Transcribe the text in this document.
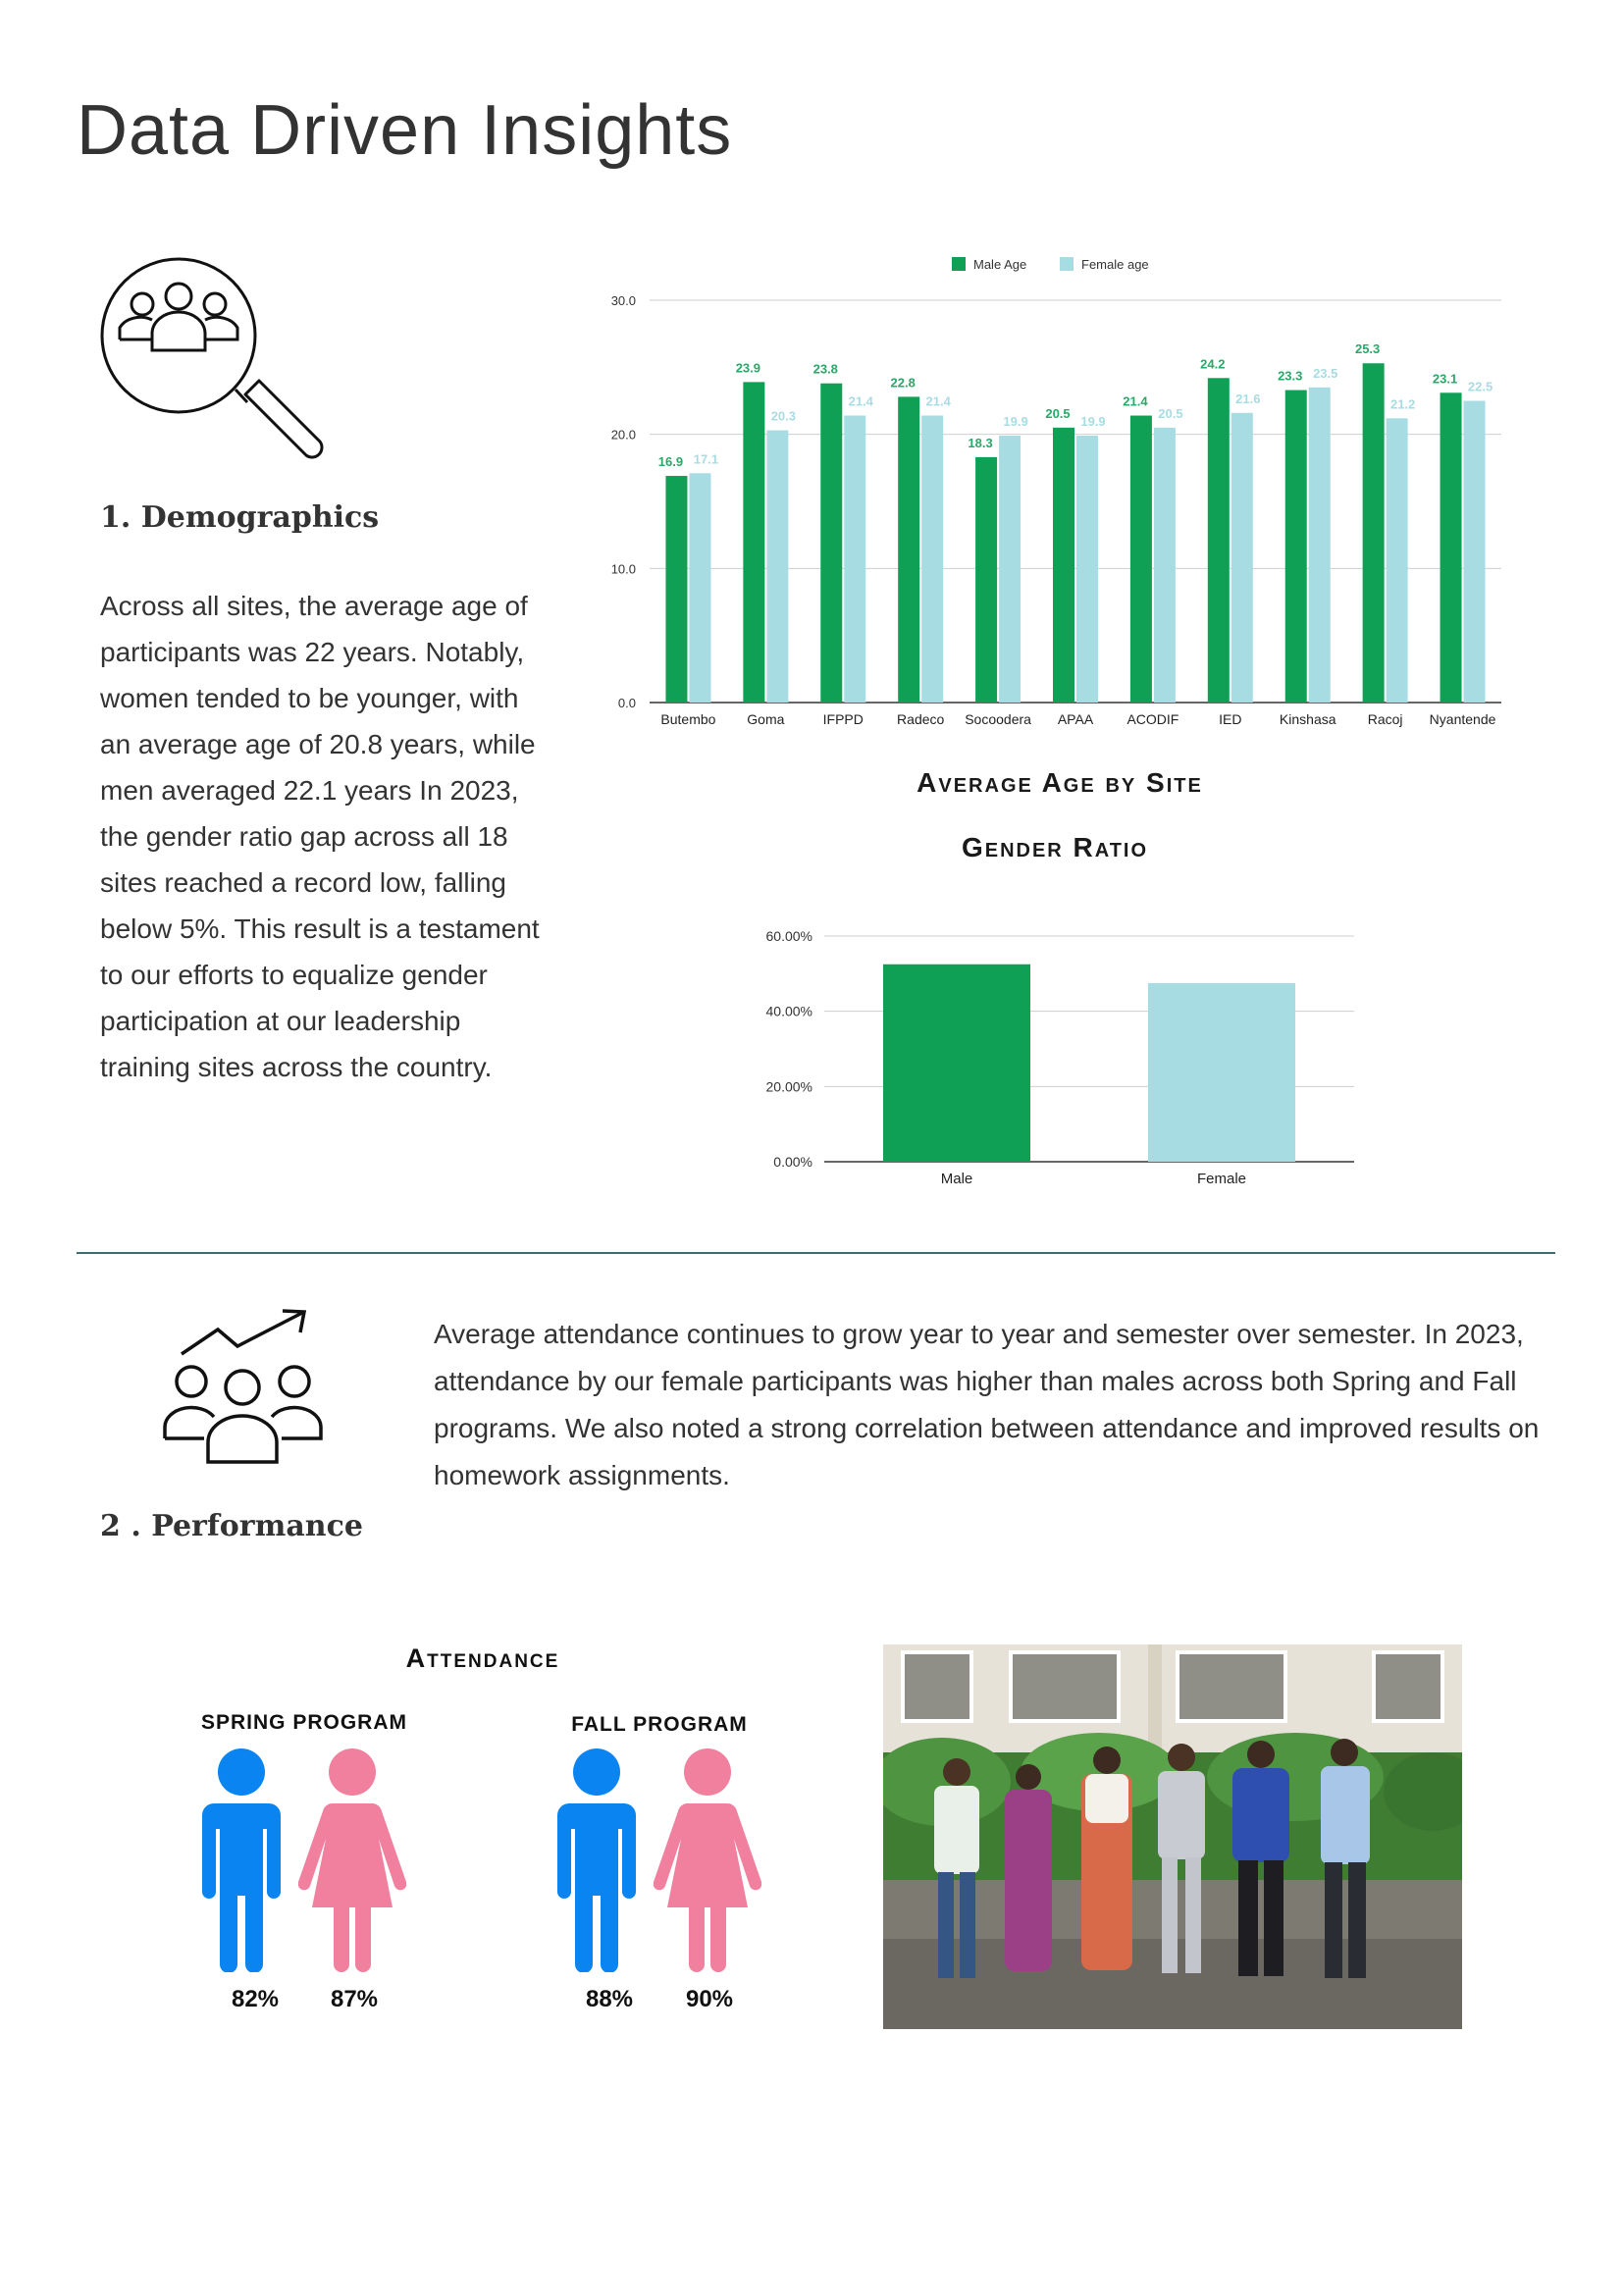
Data Driven Insights
1. Demographics
Across all sites, the average age of participants was 22 years. Notably, women tended to be younger, with an average age of 20.8 years, while men averaged 22.1 years In 2023, the gender ratio gap across all 18 sites reached a record low, falling below 5%. This result is a testament to our efforts to equalize gender participation at our leadership training sites across the country.
Male Age	Female age
0.0
10.0
20.0
30.0
Butembo
16.9 17.1
Goma
23.9
20.3
IFPPD
23.8
21.4
Radeco
22.8
21.4
Socoodera
18.3
19.9
APAA
20.5
19.9
ACODIF
21.4
20.5
IED
24.2
21.6
Kinshasa
23.3 23.5
Racoj
25.3
21.2
Nyantende
23.1
22.5
Average Age by Site
Gender Ratio
0.00%
20.00%
40.00%
60.00%
Male	Female
2 . Performance
Average attendance continues to grow year to year and semester over semester. In 2023, attendance by our female participants was higher than males across both Spring and Fall programs. We also noted a strong correlation between attendance and improved results on homework assignments.
Attendance
SPRING PROGRAM	FALL PROGRAM
82%	87%	88%	90%
